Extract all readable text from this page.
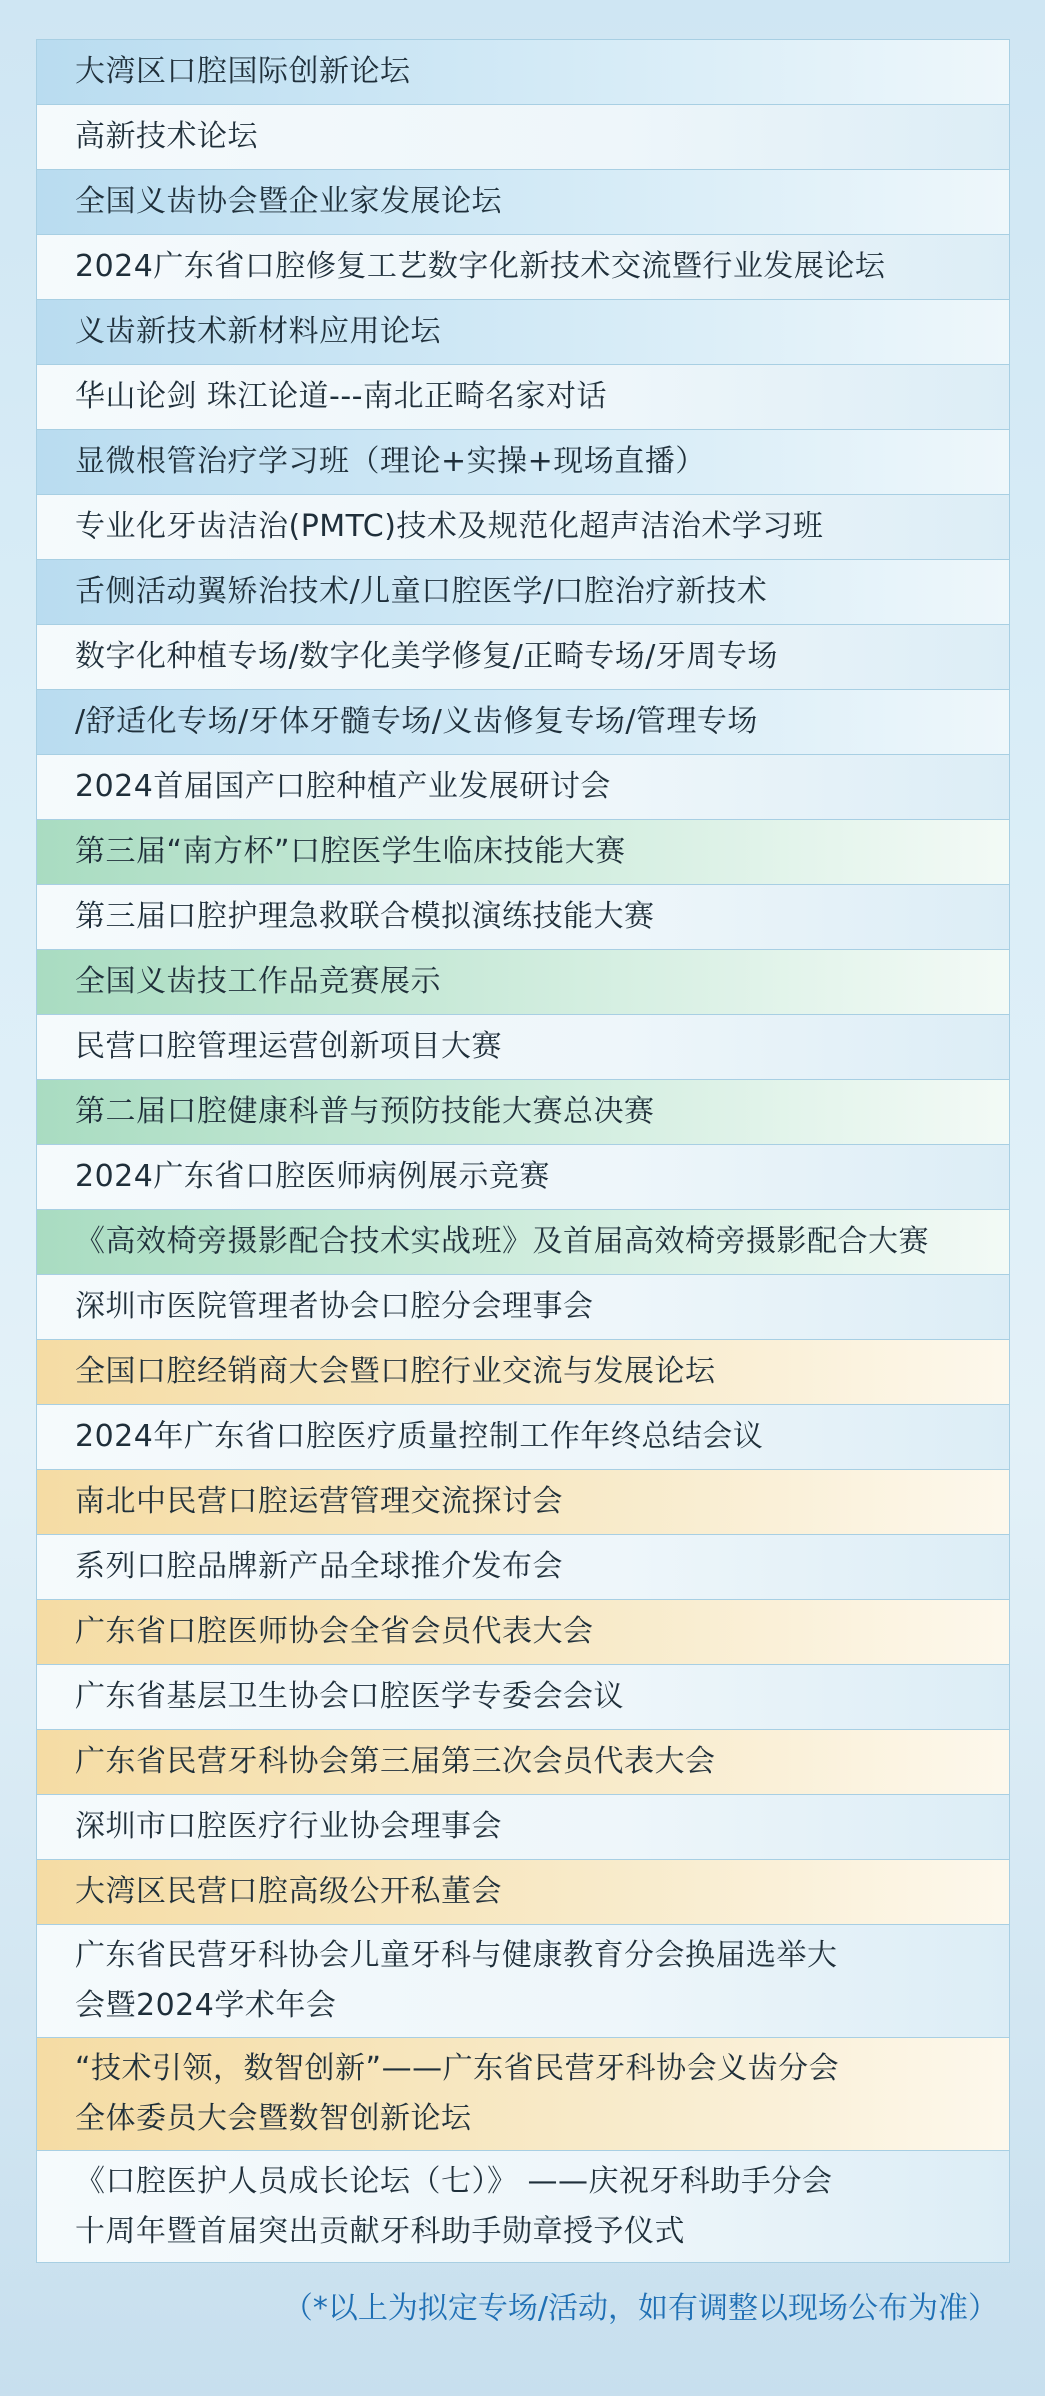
大湾区口腔国际创新论坛
高新技术论坛
全国义齿协会暨企业家发展论坛
2024广东省口腔修复工艺数字化新技术交流暨行业发展论坛
义齿新技术新材料应用论坛
华山论剑 珠江论道---南北正畸名家对话
显微根管治疗学习班（理论+实操+现场直播）
专业化牙齿洁治(PMTC)技术及规范化超声洁治术学习班
舌侧活动翼矫治技术/儿童口腔医学/口腔治疗新技术
数字化种植专场/数字化美学修复/正畸专场/牙周专场
/舒适化专场/牙体牙髓专场/义齿修复专场/管理专场
2024首届国产口腔种植产业发展研讨会
第三届“南方杯”口腔医学生临床技能大赛
第三届口腔护理急救联合模拟演练技能大赛
全国义齿技工作品竞赛展示
民营口腔管理运营创新项目大赛
第二届口腔健康科普与预防技能大赛总决赛
2024广东省口腔医师病例展示竞赛
《高效椅旁摄影配合技术实战班》及首届高效椅旁摄影配合大赛
深圳市医院管理者协会口腔分会理事会
全国口腔经销商大会暨口腔行业交流与发展论坛
2024年广东省口腔医疗质量控制工作年终总结会议
南北中民营口腔运营管理交流探讨会
系列口腔品牌新产品全球推介发布会
广东省口腔医师协会全省会员代表大会
广东省基层卫生协会口腔医学专委会会议
广东省民营牙科协会第三届第三次会员代表大会
深圳市口腔医疗行业协会理事会
大湾区民营口腔高级公开私董会
广东省民营牙科协会儿童牙科与健康教育分会换届选举大
会暨2024学术年会
“技术引领，数智创新”——广东省民营牙科协会义齿分会
全体委员大会暨数智创新论坛
《口腔医护人员成长论坛（七）》 ——庆祝牙科助手分会
十周年暨首届突出贡献牙科助手勋章授予仪式
（*以上为拟定专场/活动，如有调整以现场公布为准）
